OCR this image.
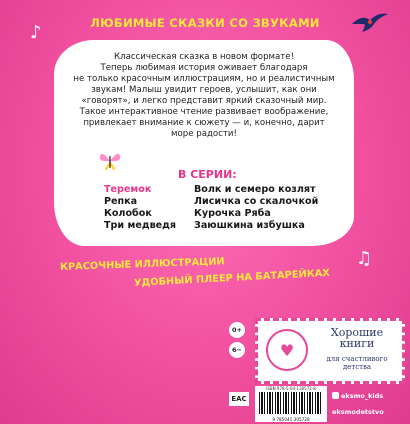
ЛЮБИМЫЕ СКАЗКИ СО ЗВУКАМИ
♪
♫
Классическая сказка в новом формате!
Теперь любимая история оживает благодаря
не только красочным иллюстрациям, но и реалистичным
звукам! Малыш увидит героев, услышит, как они
«говорят», и легко представит яркий сказочный мир.
Такое интерактивное чтение развивает воображение,
привлекает внимание к сюжету — и, конечно, дарит
море радости!
В СЕРИИ:
Теремок
Репка
Колобок
Три медведя
Волк и семеро козлят
Лисичка со скалочкой
Курочка Ряба
Заюшкина избушка
КРАСОЧНЫЕ ИЛЛЮСТРАЦИИ
УДОБНЫЙ ПЛЕЕР НА БАТАРЕЙКАХ
0+
6−
EAC
♥
Хорошие книги
для счастливого
детства
ISBN 978-5-04-130572-8
9 785041 305728
eksmo_kids
eksmodetstvo
